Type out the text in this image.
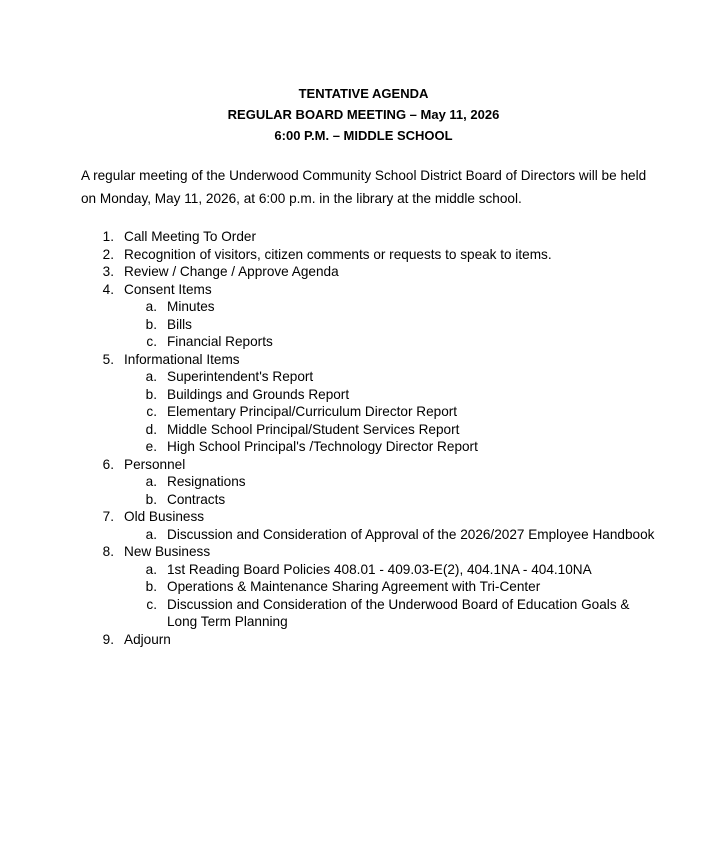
TENTATIVE AGENDA
REGULAR BOARD MEETING – May 11, 2026
6:00 P.M. – MIDDLE SCHOOL
A regular meeting of the Underwood Community School District Board of Directors will be held
on Monday, May 11, 2026, at 6:00 p.m. in the library at the middle school.
1. Call Meeting To Order
2. Recognition of visitors, citizen comments or requests to speak to items.
3. Review / Change / Approve Agenda
4. Consent Items
a. Minutes
b. Bills
c. Financial Reports
5. Informational Items
a. Superintendent's Report
b. Buildings and Grounds Report
c. Elementary Principal/Curriculum Director Report
d. Middle School Principal/Student Services Report
e. High School Principal's /Technology Director Report
6. Personnel
a. Resignations
b. Contracts
7. Old Business
a. Discussion and Consideration of Approval of the 2026/2027 Employee Handbook
8. New Business
a. 1st Reading Board Policies 408.01 - 409.03-E(2), 404.1NA - 404.10NA
b. Operations & Maintenance Sharing Agreement with Tri-Center
c. Discussion and Consideration of the Underwood Board of Education Goals &
Long Term Planning
9. Adjourn
